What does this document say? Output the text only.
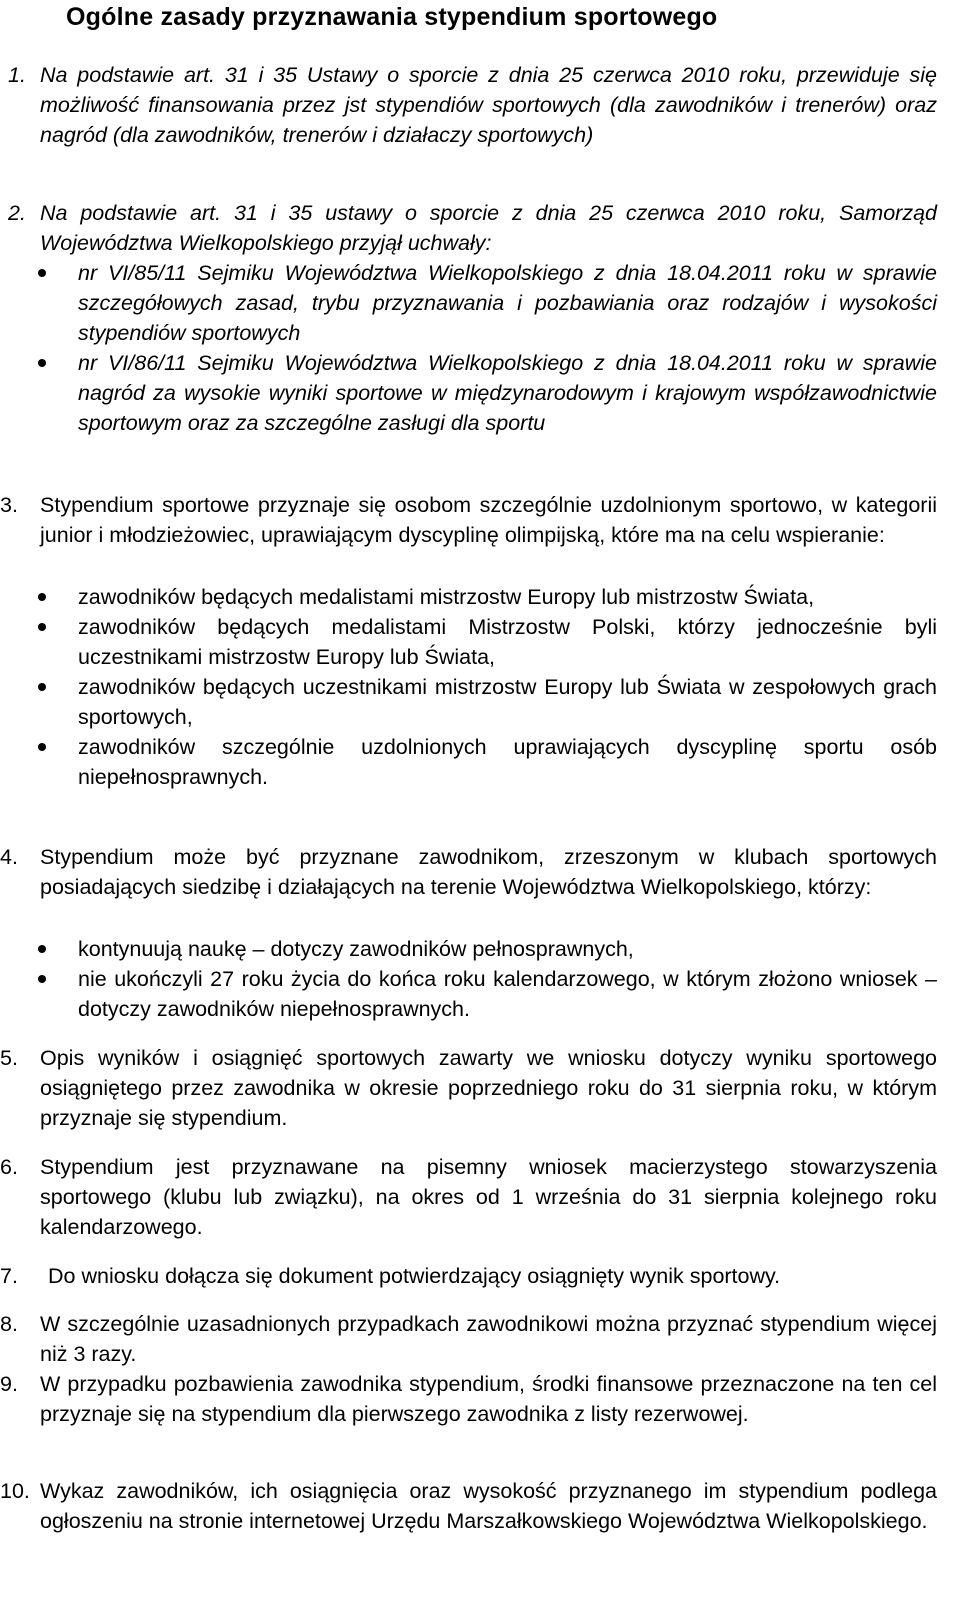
Ogólne zasady przyznawania stypendium sportowego
1. Na podstawie art. 31 i 35 Ustawy o sporcie z dnia 25 czerwca 2010 roku, przewiduje się możliwość finansowania przez jst stypendiów sportowych (dla zawodników i trenerów) oraz nagród (dla zawodników, trenerów i działaczy sportowych)

2. Na podstawie art. 31 i 35 ustawy o sporcie z dnia 25 czerwca 2010 roku, Samorząd Województwa Wielkopolskiego przyjął uchwały:

nr VI/85/11 Sejmiku Województwa Wielkopolskiego z dnia 18.04.2011 roku w sprawie szczegółowych zasad, trybu przyznawania i pozbawiania oraz rodzajów i wysokości stypendiów sportowych
nr VI/86/11 Sejmiku Województwa Wielkopolskiego z dnia 18.04.2011 roku w sprawie nagród za wysokie wyniki sportowe w międzynarodowym i krajowym współzawodnictwie sportowym oraz za szczególne zasługi dla sportu
3. Stypendium sportowe przyznaje się osobom szczególnie uzdolnionym sportowo, w kategorii junior i młodzieżowiec, uprawiającym dyscyplinę olimpijską, które ma na celu wspieranie:

zawodników będących medalistami mistrzostw Europy lub mistrzostw Świata,
zawodników będących medalistami Mistrzostw Polski, którzy jednocześnie byli uczestnikami mistrzostw Europy lub Świata,
zawodników będących uczestnikami mistrzostw Europy lub Świata w zespołowych grach sportowych,
zawodników szczególnie uzdolnionych uprawiających dyscyplinę sportu osób niepełnosprawnych.
4. Stypendium może być przyznane zawodnikom, zrzeszonym w klubach sportowych posiadających siedzibę i działających na terenie Województwa Wielkopolskiego, którzy:

kontynuują naukę – dotyczy zawodników pełnosprawnych,
nie ukończyli 27 roku życia do końca roku kalendarzowego, w którym złożono wniosek – dotyczy zawodników niepełnosprawnych.
5. Opis wyników i osiągnięć sportowych zawarty we wniosku dotyczy wyniku sportowego osiągniętego przez zawodnika w okresie poprzedniego roku do 31 sierpnia roku, w którym przyznaje się stypendium.

6. Stypendium jest przyznawane na pisemny wniosek macierzystego stowarzyszenia sportowego (klubu lub związku), na okres od 1 września do 31 sierpnia kolejnego roku kalendarzowego.

7. Do wniosku dołącza się dokument potwierdzający osiągnięty wynik sportowy.

8. W szczególnie uzasadnionych przypadkach zawodnikowi można przyznać stypendium więcej niż 3 razy.

9. W przypadku pozbawienia zawodnika stypendium, środki finansowe przeznaczone na ten cel przyznaje się na stypendium dla pierwszego zawodnika z listy rezerwowej.

10. Wykaz zawodników, ich osiągnięcia oraz wysokość przyznanego im stypendium podlega ogłoszeniu na stronie internetowej Urzędu Marszałkowskiego Województwa Wielkopolskiego.
